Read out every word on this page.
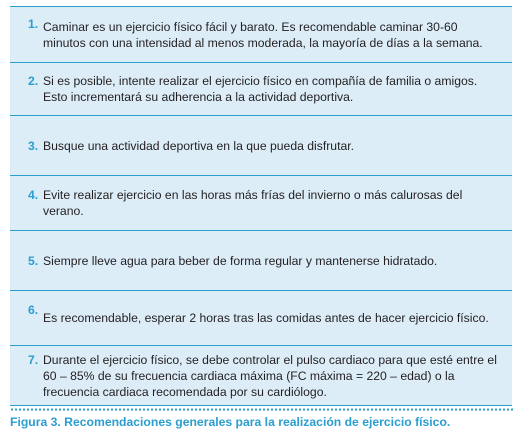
1. Caminar es un ejercicio físico fácil y barato. Es recomendable caminar 30-60 minutos con una intensidad al menos moderada, la mayoría de días a la semana.
2. Si es posible, intente realizar el ejercicio físico en compañía de familia o amigos. Esto incrementará su adherencia a la actividad deportiva.
3. Busque una actividad deportiva en la que pueda disfrutar.
4. Evite realizar ejercicio en las horas más frías del invierno o más calurosas del verano.
5. Siempre lleve agua para beber de forma regular y mantenerse hidratado.
6.
Es recomendable, esperar 2 horas tras las comidas antes de hacer ejercicio físico.
7. Durante el ejercicio físico, se debe controlar el pulso cardiaco para que esté entre el 60 – 85% de su frecuencia cardiaca máxima (FC máxima = 220 – edad) o la frecuencia cardiaca recomendada por su cardiólogo.
Figura 3. Recomendaciones generales para la realización de ejercicio físico.
